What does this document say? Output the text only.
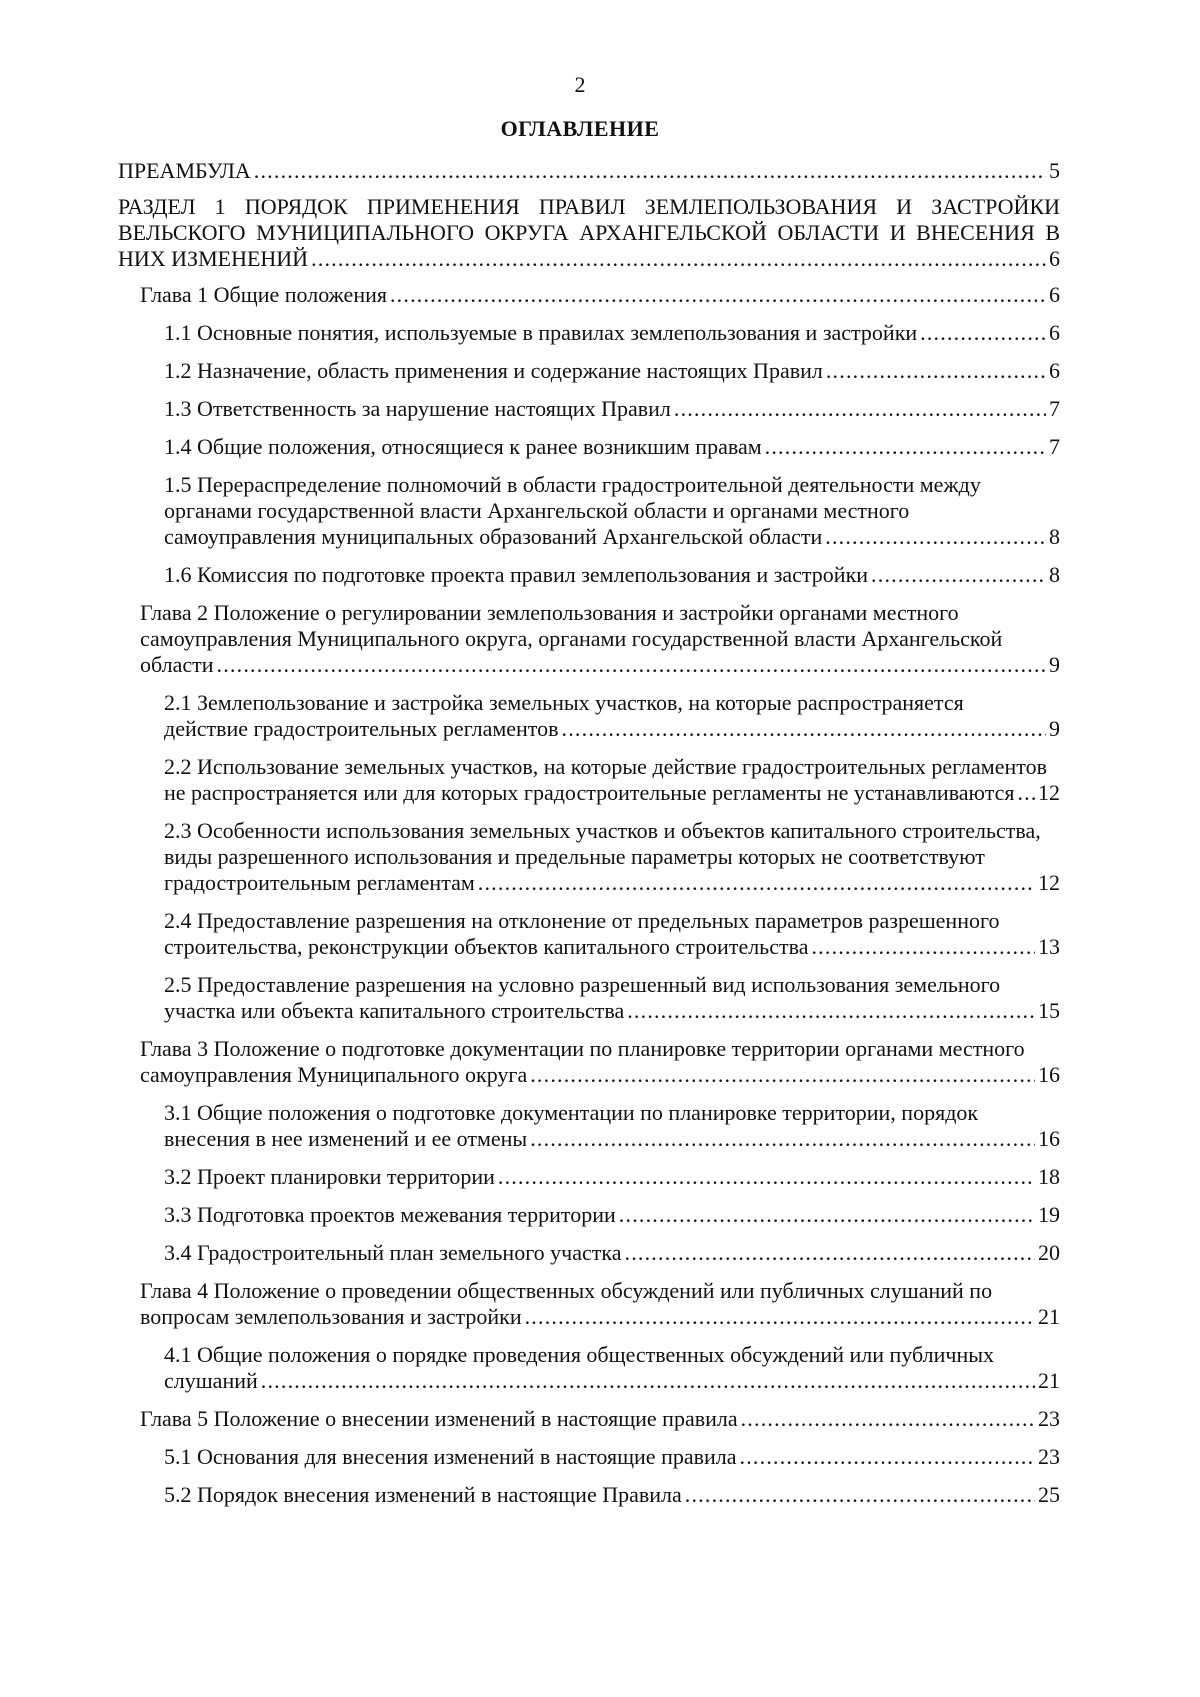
2
ОГЛАВЛЕНИЕ
ПРЕАМБУЛА .....	5
РАЗДЕЛ 1 ПОРЯДОК ПРИМЕНЕНИЯ ПРАВИЛ ЗЕМЛЕПОЛЬЗОВАНИЯ И ЗАСТРОЙКИ ВЕЛЬСКОГО МУНИЦИПАЛЬНОГО ОКРУГА АРХАНГЕЛЬСКОЙ ОБЛАСТИ И ВНЕСЕНИЯ В
НИХ ИЗМЕНЕНИЙ .....	6
Глава 1 Общие положения .....	6
1.1 Основные понятия, используемые в правилах землепользования и застройки .....	6
1.2 Назначение, область применения и содержание настоящих Правил .....	6
1.3 Ответственность за нарушение настоящих Правил .....	7
1.4 Общие положения, относящиеся к ранее возникшим правам .....	7
1.5 Перераспределение полномочий в области градостроительной деятельности между органами государственной власти Архангельской области и органами местного
самоуправления муниципальных образований Архангельской области .....	8
1.6 Комиссия по подготовке проекта правил землепользования и застройки .....	8
Глава 2 Положение о регулировании землепользования и застройки органами местного самоуправления Муниципального округа, органами государственной власти Архангельской
области .....	9
2.1 Землепользование и застройка земельных участков, на которые распространяется
действие градостроительных регламентов .....	9
2.2 Использование земельных участков, на которые действие градостроительных регламентов
не распространяется или для которых градостроительные регламенты не устанавливаются ..... 12
2.3 Особенности использования земельных участков и объектов капитального строительства, виды разрешенного использования и предельные параметры которых не соответствуют
градостроительным регламентам .....	12
2.4 Предоставление разрешения на отклонение от предельных параметров разрешенного
строительства, реконструкции объектов капитального строительства .....	13
2.5 Предоставление разрешения на условно разрешенный вид использования земельного
участка или объекта капитального строительства .....	15
Глава 3 Положение о подготовке документации по планировке территории органами местного
самоуправления Муниципального округа .....	16
3.1 Общие положения о подготовке документации по планировке территории, порядок
внесения в нее изменений и ее отмены .....	16
3.2 Проект планировки территории .....	18
3.3 Подготовка проектов межевания территории .....	19
3.4 Градостроительный план земельного участка .....	20
Глава 4 Положение о проведении общественных обсуждений или публичных слушаний по
вопросам землепользования и застройки .....	21
4.1 Общие положения о порядке проведения общественных обсуждений или публичных
слушаний .....	21
Глава 5 Положение о внесении изменений в настоящие правила .....	23
5.1 Основания для внесения изменений в настоящие правила .....	23
5.2 Порядок внесения изменений в настоящие Правила .....	25
